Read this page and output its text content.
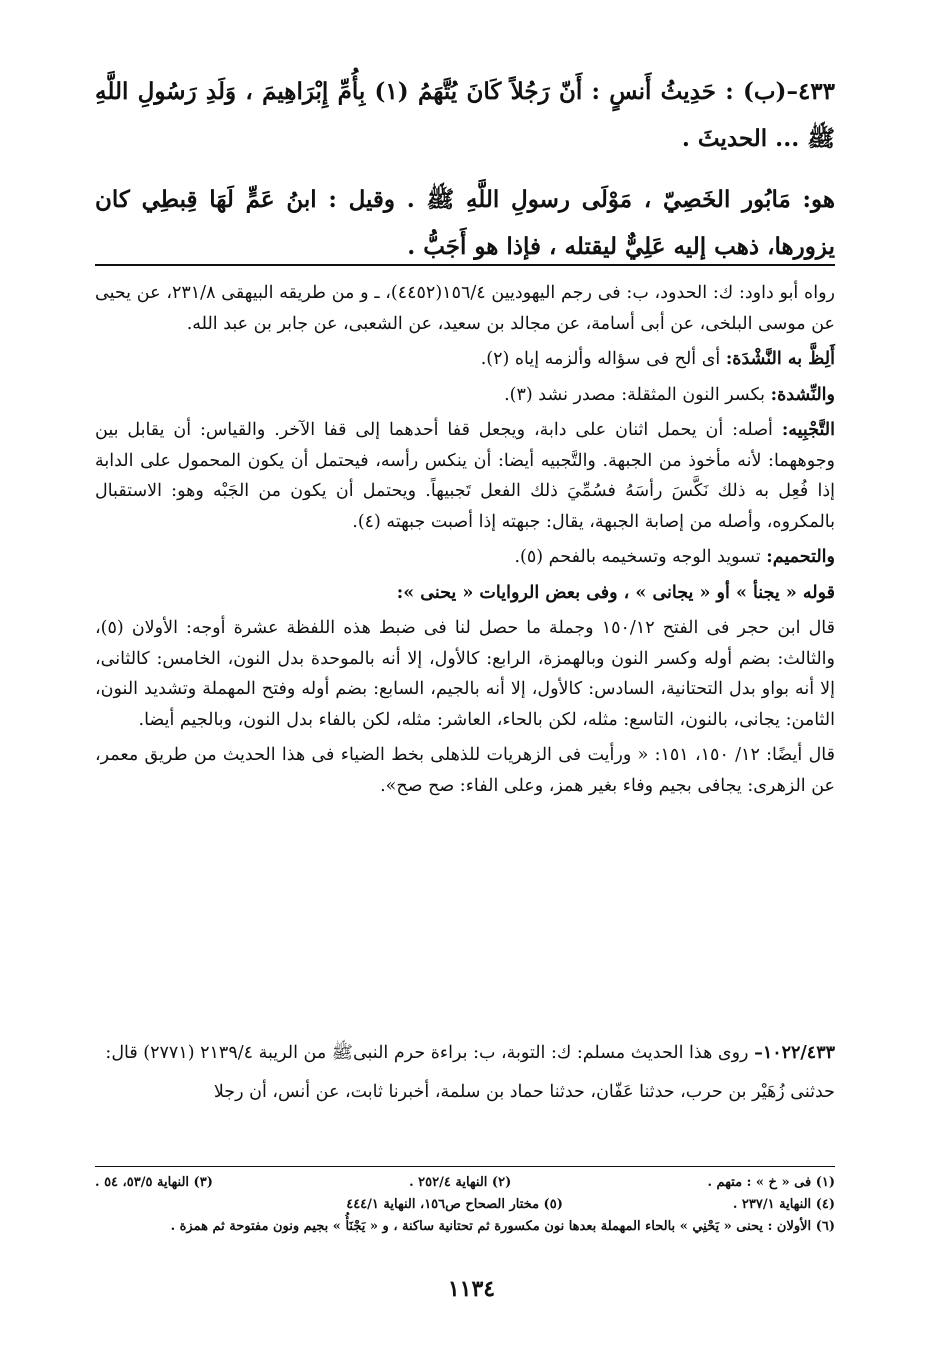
٤٣٣–(ب) : حَدِيثُ أَنسٍ : أَنّ رَجُلاً كَانَ يُتَّهَمُ (١) بِأُمِّ إِبْرَاهِيمَ ، وَلَدِ رَسُولِ اللَّهِ ﷺ ... الحديثَ .

هو: مَابُور الخَصِيّ ، مَوْلَى رسولِ اللَّهِ ﷺ . وقيل : ابنُ عَمٍّ لَهَا قِبطِي كان يزورها، ذهب إليه عَلِيٌّ ليقتله ، فإذا هو أَجَبُّ .

رواه أبو داود: ك: الحدود، ب: فى رجم اليهوديين ١٥٦/٤(٤٤٥٢)، ـ و من طريقه البيهقى ٢٣١/٨، عن يحيى عن موسى البلخى، عن أبى أسامة، عن مجالد بن سعيد، عن الشعبى، عن جابر بن عبد الله.

أَلِظَّ به النَّشْدَة: أى ألح فى سؤاله وألزمه إياه (٢).

والنِّشدة: بكسر النون المثقلة: مصدر نشد (٣).

التَّجْبِيه: أصله: أن يحمل اثنان على دابة، ويجعل قفا أحدهما إلى قفا الآخر. والقياس: أن يقابل بين وجوههما: لأنه مأخوذ من الجبهة. والتَّجبيه أيضا: أن ينكس رأسه، فيحتمل أن يكون المحمول على الدابة إذا فُعِل به ذلك نَكَّسَ رأسَهُ فسُمِّيَ ذلك الفعل تَجبيهاً. ويحتمل أن يكون من الجَبْه وهو: الاستقبال بالمكروه، وأصله من إصابة الجبهة، يقال: جبهته إذا أصبت جبهته (٤).

والتحميم: تسويد الوجه وتسخيمه بالفحم (٥).

قوله « يجنأ » أو « يجانى » ، وفى بعض الروايات « يحنى »:

قال ابن حجر فى الفتح ١٥٠/١٢ وجملة ما حصل لنا فى ضبط هذه اللفظة عشرة أوجه: الأولان (٥)، والثالث: بضم أوله وكسر النون وبالهمزة، الرابع: كالأول، إلا أنه بالموحدة بدل النون، الخامس: كالثانى، إلا أنه بواو بدل التحتانية، السادس: كالأول، إلا أنه بالجيم، السابع: بضم أوله وفتح المهملة وتشديد النون، الثامن: يجانى، بالنون، التاسع: مثله، لكن بالحاء، العاشر: مثله، لكن بالفاء بدل النون، وبالجيم أيضا.

قال أيضًا: ١٢/ ١٥٠، ١٥١: « ورأيت فى الزهريات للذهلى بخط الضياء فى هذا الحديث من طريق معمر، عن الزهرى: يجافى بجيم وفاء بغير همز، وعلى الفاء: صح صح».

١٠٢٢/٤٣٣– روى هذا الحديث مسلم: ك: التوبة، ب: براءة حرم النبىﷺ من الريبة ٢١٣٩/٤ (٢٧٧١) قال:

حدثنى زُهَيْر بن حرب، حدثنا عَفّان، حدثنا حماد بن سلمة، أخبرنا ثابت، عن أنس، أن رجلا

(١) فى « خ » : متهم .
(٢) النهاية ٢٥٢/٤ .
(٣) النهاية ٥٣/٥، ٥٤ .
(٤) النهاية ٢٣٧/١ .
(٥) مختار الصحاح ص١٥٦، النهاية ٤٤٤/١
(٦) الأولان : يحنى « يَحْنِي » بالحاء المهملة بعدها نون مكسورة ثم تحتانية ساكنة ، و « يَجْنَأُ » بجيم ونون مفتوحة ثم همزة .
١١٣٤
